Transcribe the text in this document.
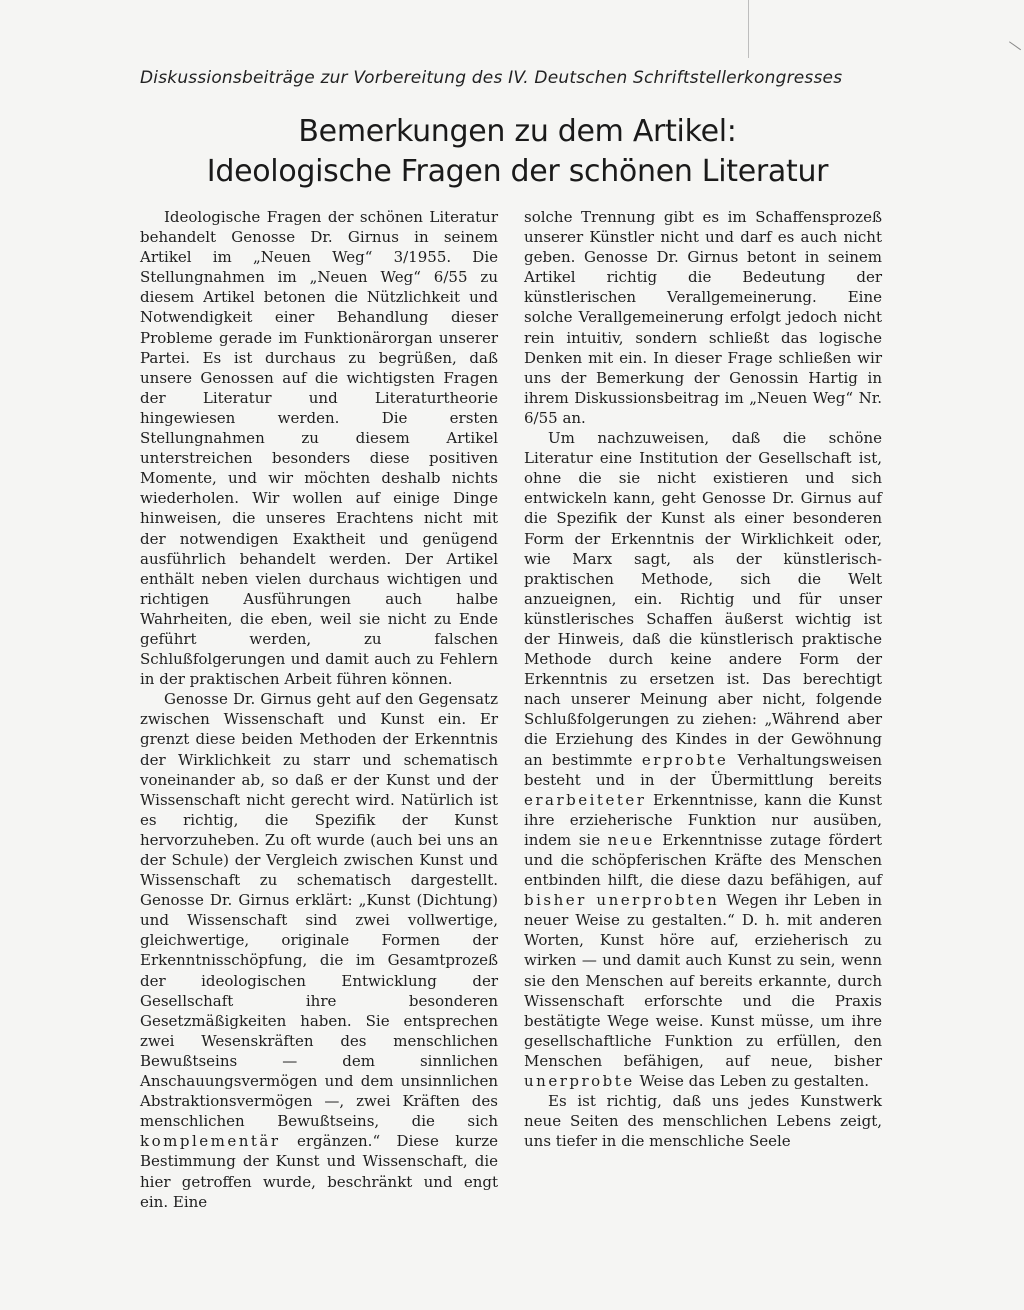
Diskussionsbeiträge zur Vorbereitung des IV. Deutschen Schriftstellerkongresses
Bemerkungen zu dem Artikel:
Ideologische Fragen der schönen Literatur

Ideologische Fragen der schönen Literatur behandelt Genosse Dr. Girnus in seinem Artikel im „Neuen Weg“ 3/1955. Die Stellungnahmen im „Neuen Weg“ 6/55 zu diesem Artikel betonen die Nützlichkeit und Notwendigkeit einer Behandlung dieser Probleme gerade im Funktionärorgan unserer Partei. Es ist durchaus zu begrüßen, daß unsere Genossen auf die wichtigsten Fragen der Literatur und Literaturtheorie hingewiesen werden. Die ersten Stellungnahmen zu diesem Artikel unterstreichen besonders diese positiven Momente, und wir möchten deshalb nichts wiederholen. Wir wollen auf einige Dinge hinweisen, die unseres Erachtens nicht mit der notwendigen Exaktheit und genügend ausführlich behandelt werden. Der Artikel enthält neben vielen durchaus wichtigen und richtigen Ausführungen auch halbe Wahrheiten, die eben, weil sie nicht zu Ende geführt werden, zu falschen Schlußfolgerungen und damit auch zu Fehlern in der praktischen Arbeit führen können.

Genosse Dr. Girnus geht auf den Gegensatz zwischen Wissenschaft und Kunst ein. Er grenzt diese beiden Methoden der Erkenntnis der Wirklichkeit zu starr und schematisch voneinander ab, so daß er der Kunst und der Wissenschaft nicht gerecht wird. Natürlich ist es richtig, die Spezifik der Kunst hervorzuheben. Zu oft wurde (auch bei uns an der Schule) der Vergleich zwischen Kunst und Wissenschaft zu schematisch dargestellt. Genosse Dr. Girnus erklärt: „Kunst (Dichtung) und Wissenschaft sind zwei vollwertige, gleichwertige, originale Formen der Erkenntnisschöpfung, die im Gesamtprozeß der ideologischen Entwicklung der Gesellschaft ihre besonderen Gesetzmäßigkeiten haben. Sie entsprechen zwei Wesenskräften des menschlichen Bewußtseins — dem sinnlichen Anschauungsvermögen und dem unsinnlichen Abstraktionsvermögen —, zwei Kräften des menschlichen Bewußtseins, die sich komplementär ergänzen.“ Diese kurze Bestimmung der Kunst und Wissenschaft, die hier getroffen wurde, beschränkt und engt ein. Eine

solche Trennung gibt es im Schaffensprozeß unserer Künstler nicht und darf es auch nicht geben. Genosse Dr. Girnus betont in seinem Artikel richtig die Bedeutung der künstlerischen Verallgemeinerung. Eine solche Verallgemeinerung erfolgt jedoch nicht rein intuitiv, sondern schließt das logische Denken mit ein. In dieser Frage schließen wir uns der Bemerkung der Genossin Hartig in ihrem Diskussionsbeitrag im „Neuen Weg“ Nr. 6/55 an.

Um nachzuweisen, daß die schöne Literatur eine Institution der Gesellschaft ist, ohne die sie nicht existieren und sich entwickeln kann, geht Genosse Dr. Girnus auf die Spezifik der Kunst als einer besonderen Form der Erkenntnis der Wirklichkeit oder, wie Marx sagt, als der künstlerisch-praktischen Methode, sich die Welt anzueignen, ein. Richtig und für unser künstlerisches Schaffen äußerst wichtig ist der Hinweis, daß die künstlerisch praktische Methode durch keine andere Form der Erkenntnis zu ersetzen ist. Das berechtigt nach unserer Meinung aber nicht, folgende Schlußfolgerungen zu ziehen: „Während aber die Erziehung des Kindes in der Gewöhnung an bestimmte erprobte Verhaltungsweisen besteht und in der Übermittlung bereits erarbeiteter Erkenntnisse, kann die Kunst ihre erzieherische Funktion nur ausüben, indem sie neue Erkenntnisse zutage fördert und die schöpferischen Kräfte des Menschen entbinden hilft, die diese dazu befähigen, auf bisher unerprobten Wegen ihr Leben in neuer Weise zu gestalten.“ D. h. mit anderen Worten, Kunst höre auf, erzieherisch zu wirken — und damit auch Kunst zu sein, wenn sie den Menschen auf bereits erkannte, durch Wissenschaft erforschte und die Praxis bestätigte Wege weise. Kunst müsse, um ihre gesellschaftliche Funktion zu erfüllen, den Menschen befähigen, auf neue, bisher unerprobte Weise das Leben zu gestalten.

Es ist richtig, daß uns jedes Kunstwerk neue Seiten des menschlichen Lebens zeigt, uns tiefer in die menschliche Seele
